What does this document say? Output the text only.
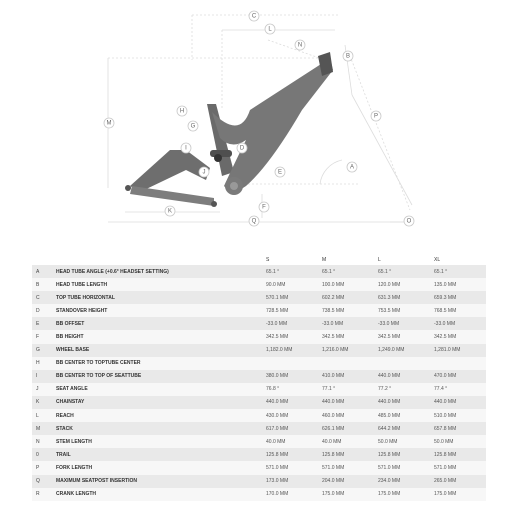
C
L
N
B
M
D
G
H
I
J	E
K
F
A
P
O
Q
		S	M	L	XL
A	HEAD TUBE ANGLE (+0.6° HEADSET SETTING)	65.1 °	65.1 °	65.1 °	65.1 °
B	HEAD TUBE LENGTH	90.0 MM	100.0 MM	120.0 MM	135.0 MM
C	TOP TUBE HORIZONTAL	570.1 MM	602.2 MM	631.3 MM	659.3 MM
D	STANDOVER HEIGHT	728.5 MM	738.5 MM	753.5 MM	768.5 MM
E	BB OFFSET	-33.0 MM	-33.0 MM	-33.0 MM	-33.0 MM
F	BB HEIGHT	342.5 MM	342.5 MM	342.5 MM	342.5 MM
G	WHEEL BASE	1,182.0 MM	1,216.0 MM	1,249.0 MM	1,281.0 MM
H	BB CENTER TO TOPTUBE CENTER				
I	BB CENTER TO TOP OF SEATTUBE	380.0 MM	410.0 MM	440.0 MM	470.0 MM
J	SEAT ANGLE	76.8 °	77.1 °	77.2 °	77.4 °
K	CHAINSTAY	440.0 MM	440.0 MM	440.0 MM	440.0 MM
L	REACH	430.0 MM	460.0 MM	485.0 MM	510.0 MM
M	STACK	617.0 MM	626.1 MM	644.2 MM	657.8 MM
N	STEM LENGTH	40.0 MM	40.0 MM	50.0 MM	50.0 MM
0	TRAIL	125.8 MM	125.8 MM	125.8 MM	125.8 MM
P	FORK LENGTH	571.0 MM	571.0 MM	571.0 MM	571.0 MM
Q	MAXIMUM SEATPOST INSERTION	173.0 MM	204.0 MM	234.0 MM	265.0 MM
R	CRANK LENGTH	170.0 MM	175.0 MM	175.0 MM	175.0 MM
